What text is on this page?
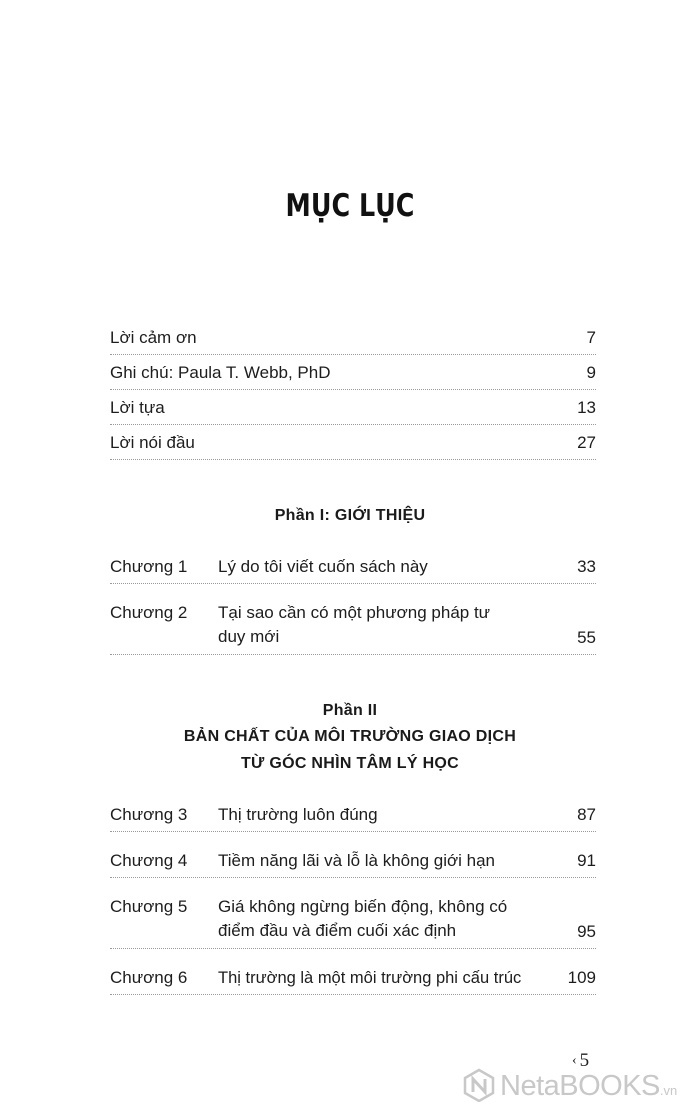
MỤC LỤC
Lời cảm ơn	7
Ghi chú: Paula T. Webb, PhD	9
Lời tựa	13
Lời nói đầu	27
Phần I: GIỚI THIỆU
Chương 1 Lý do tôi viết cuốn sách này	33
Chương 2 Tại sao cần có một phương pháp tư
duy mới	55
Phần II
BẢN CHẤT CỦA MÔI TRƯỜNG GIAO DỊCH
TỪ GÓC NHÌN TÂM LÝ HỌC
Chương 3 Thị trường luôn đúng	87
Chương 4 Tiềm năng lãi và lỗ là không giới hạn	91
Chương 5 Giá không ngừng biến động, không có
điểm đầu và điểm cuối xác định	95
Chương 6 Thị trường là một môi trường phi cấu trúc	109
‹ 5
NetaBOOKS.vn
